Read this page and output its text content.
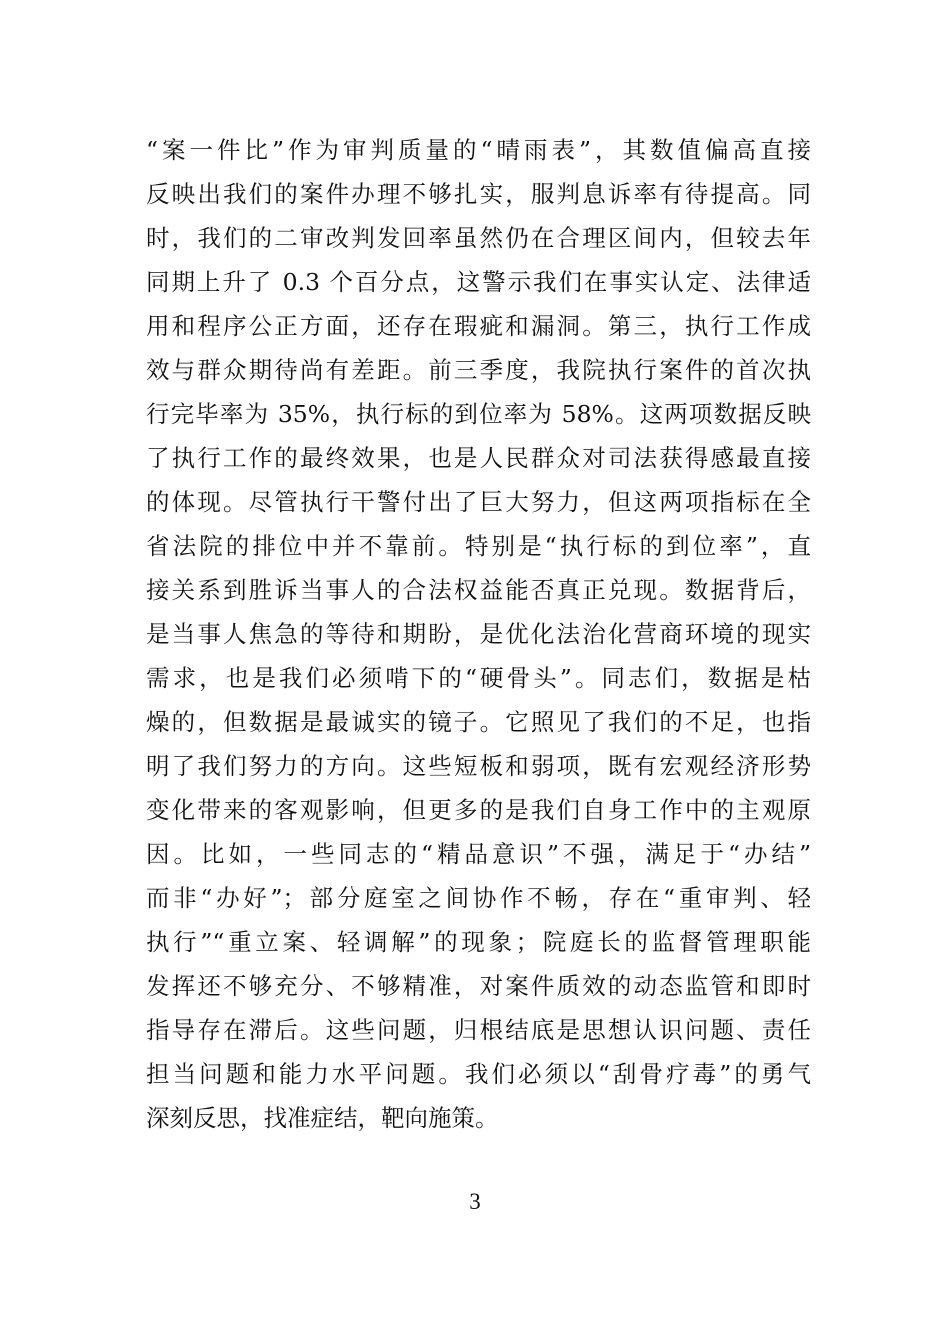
“案一件比”作为审判质量的“晴雨表”，其数值偏高直接
反映出我们的案件办理不够扎实，服判息诉率有待提高。同
时，我们的二审改判发回率虽然仍在合理区间内，但较去年
同期上升了 0.3 个百分点，这警示我们在事实认定、法律适
用和程序公正方面，还存在瑕疵和漏洞。第三，执行工作成
效与群众期待尚有差距。前三季度，我院执行案件的首次执
行完毕率为 35%，执行标的到位率为 58%。这两项数据反映
了执行工作的最终效果，也是人民群众对司法获得感最直接
的体现。尽管执行干警付出了巨大努力，但这两项指标在全
省法院的排位中并不靠前。特别是“执行标的到位率”，直
接关系到胜诉当事人的合法权益能否真正兑现。数据背后，
是当事人焦急的等待和期盼，是优化法治化营商环境的现实
需求，也是我们必须啃下的“硬骨头”。同志们，数据是枯
燥的，但数据是最诚实的镜子。它照见了我们的不足，也指
明了我们努力的方向。这些短板和弱项，既有宏观经济形势
变化带来的客观影响，但更多的是我们自身工作中的主观原
因。比如，一些同志的“精品意识”不强，满足于“办结”
而非“办好”；部分庭室之间协作不畅，存在“重审判、轻
执行”“重立案、轻调解”的现象；院庭长的监督管理职能
发挥还不够充分、不够精准，对案件质效的动态监管和即时
指导存在滞后。这些问题，归根结底是思想认识问题、责任
担当问题和能力水平问题。我们必须以“刮骨疗毒”的勇气
深刻反思，找准症结，靶向施策。
3
